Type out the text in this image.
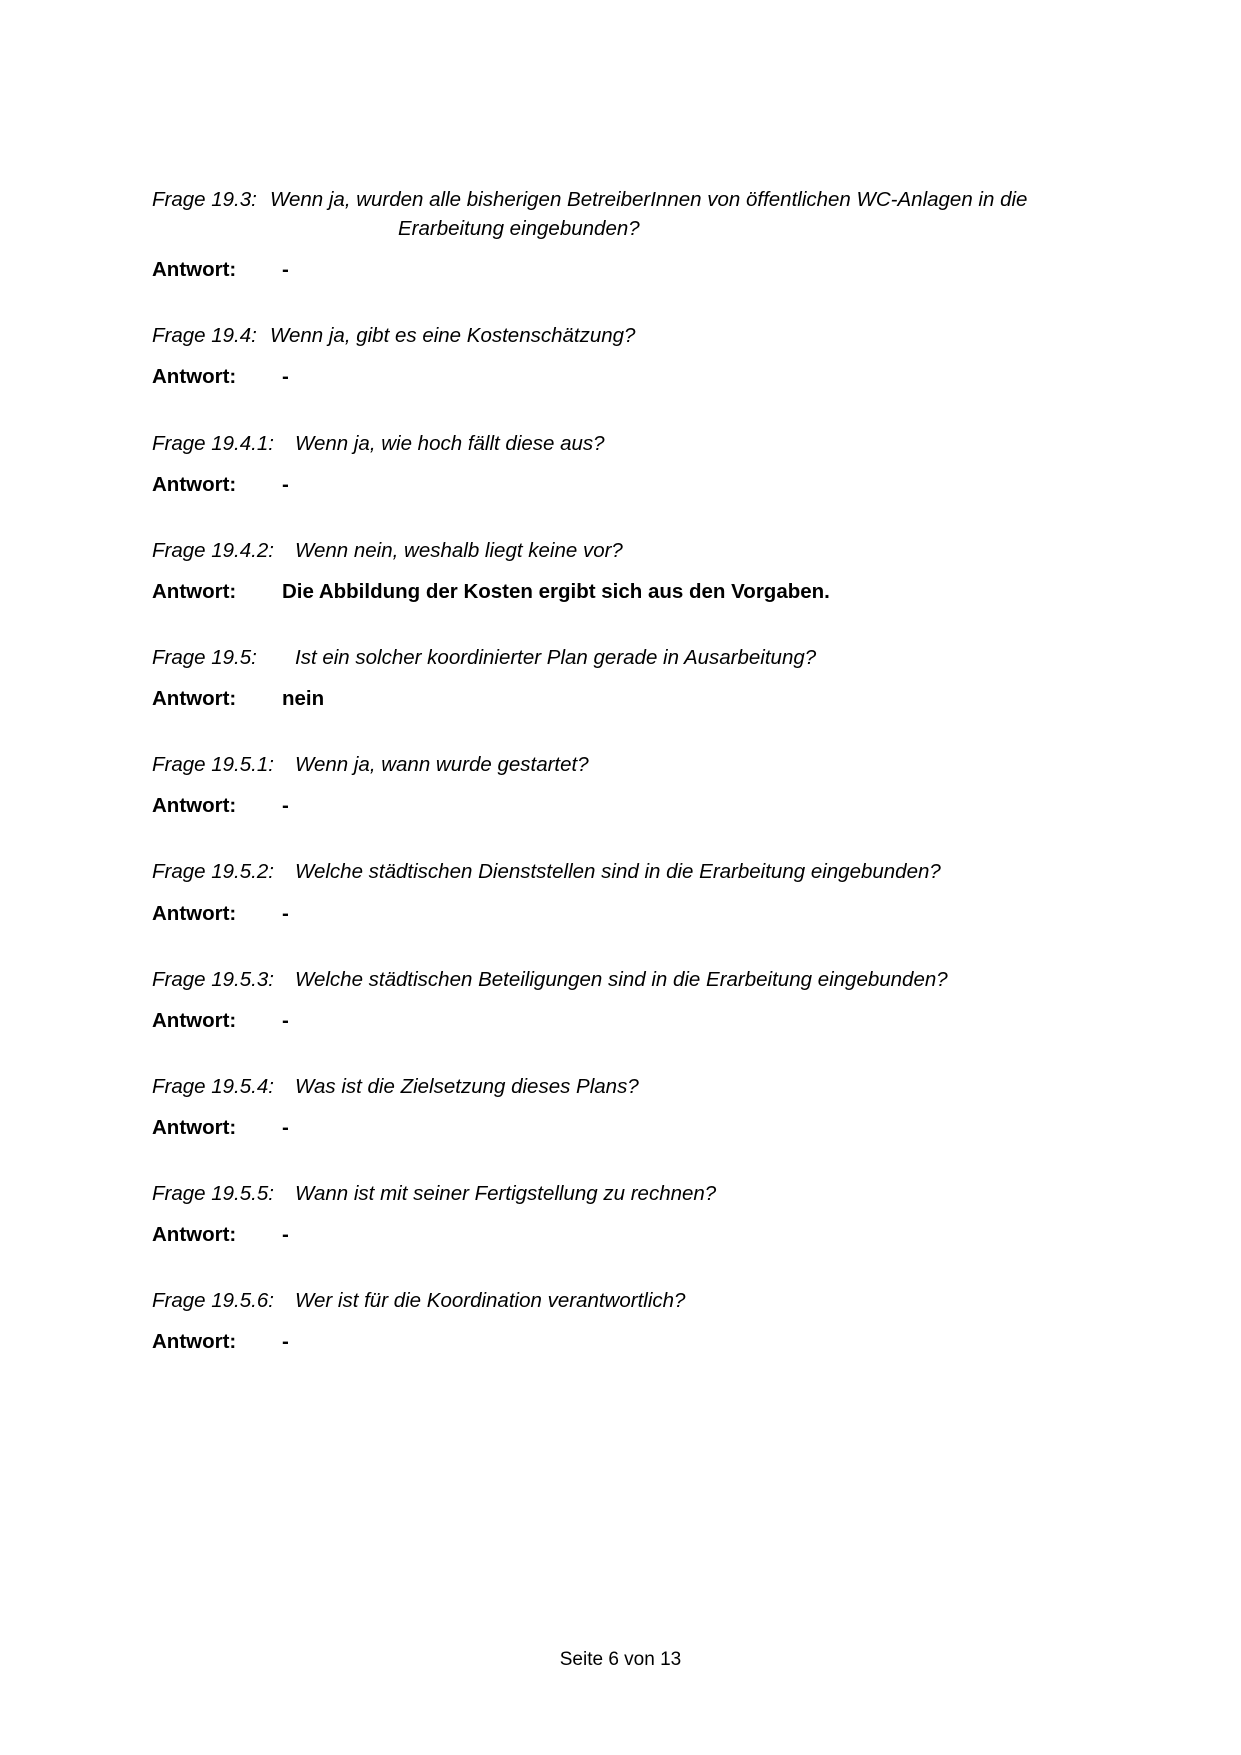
Frage 19.3: Wenn ja, wurden alle bisherigen BetreiberInnen von öffentlichen WC-Anlagen in die
Erarbeitung eingebunden?
Antwort:	-
Frage 19.4: Wenn ja, gibt es eine Kostenschätzung?
Antwort:	-
Frage 19.4.1:	Wenn ja, wie hoch fällt diese aus?
Antwort:	-
Frage 19.4.2:	Wenn nein, weshalb liegt keine vor?
Antwort:	Die Abbildung der Kosten ergibt sich aus den Vorgaben.
Frage 19.5:	Ist ein solcher koordinierter Plan gerade in Ausarbeitung?
Antwort:	nein
Frage 19.5.1:	Wenn ja, wann wurde gestartet?
Antwort:	-
Frage 19.5.2:	Welche städtischen Dienststellen sind in die Erarbeitung eingebunden?
Antwort:	-
Frage 19.5.3:	Welche städtischen Beteiligungen sind in die Erarbeitung eingebunden?
Antwort:	-
Frage 19.5.4:	Was ist die Zielsetzung dieses Plans?
Antwort:	-
Frage 19.5.5:	Wann ist mit seiner Fertigstellung zu rechnen?
Antwort:	-
Frage 19.5.6:	Wer ist für die Koordination verantwortlich?
Antwort:	-
Seite 6 von 13
